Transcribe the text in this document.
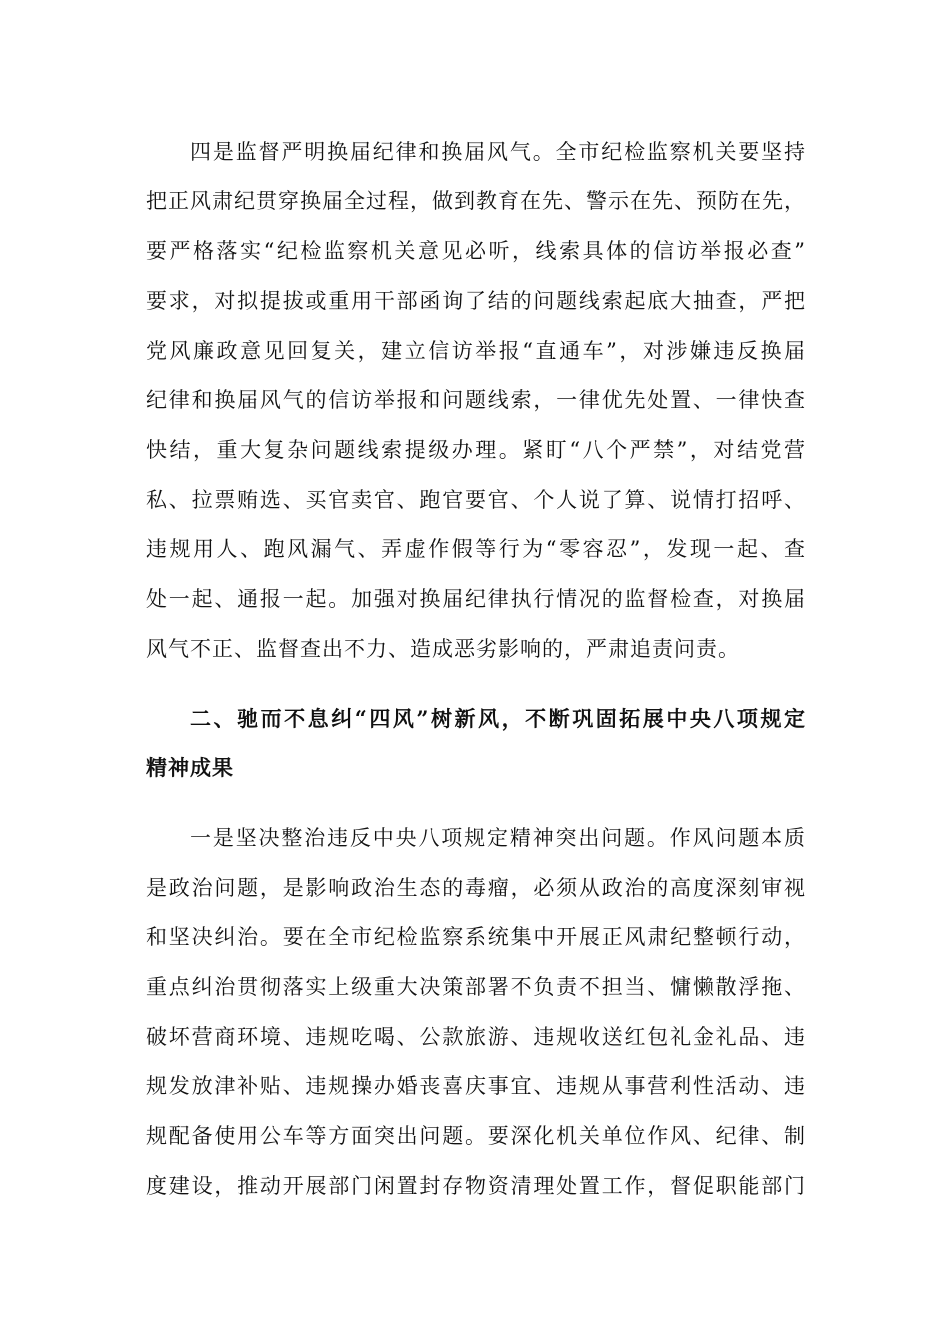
四是监督严明换届纪律和换届风气。全市纪检监察机关要坚持
把正风肃纪贯穿换届全过程，做到教育在先、警示在先、预防在先，
要严格落实“纪检监察机关意见必听，线索具体的信访举报必查”
要求，对拟提拔或重用干部函询了结的问题线索起底大抽查，严把
党风廉政意见回复关，建立信访举报“直通车”，对涉嫌违反换届
纪律和换届风气的信访举报和问题线索，一律优先处置、一律快查
快结，重大复杂问题线索提级办理。紧盯“八个严禁”，对结党营
私、拉票贿选、买官卖官、跑官要官、个人说了算、说情打招呼、
违规用人、跑风漏气、弄虚作假等行为“零容忍”，发现一起、查
处一起、通报一起。加强对换届纪律执行情况的监督检查，对换届
风气不正、监督查出不力、造成恶劣影响的，严肃追责问责。
二、驰而不息纠“四风”树新风，不断巩固拓展中央八项规定
精神成果
一是坚决整治违反中央八项规定精神突出问题。作风问题本质
是政治问题，是影响政治生态的毒瘤，必须从政治的高度深刻审视
和坚决纠治。要在全市纪检监察系统集中开展正风肃纪整顿行动，
重点纠治贯彻落实上级重大决策部署不负责不担当、慵懒散浮拖、
破坏营商环境、违规吃喝、公款旅游、违规收送红包礼金礼品、违
规发放津补贴、违规操办婚丧喜庆事宜、违规从事营利性活动、违
规配备使用公车等方面突出问题。要深化机关单位作风、纪律、制
度建设，推动开展部门闲置封存物资清理处置工作，督促职能部门
